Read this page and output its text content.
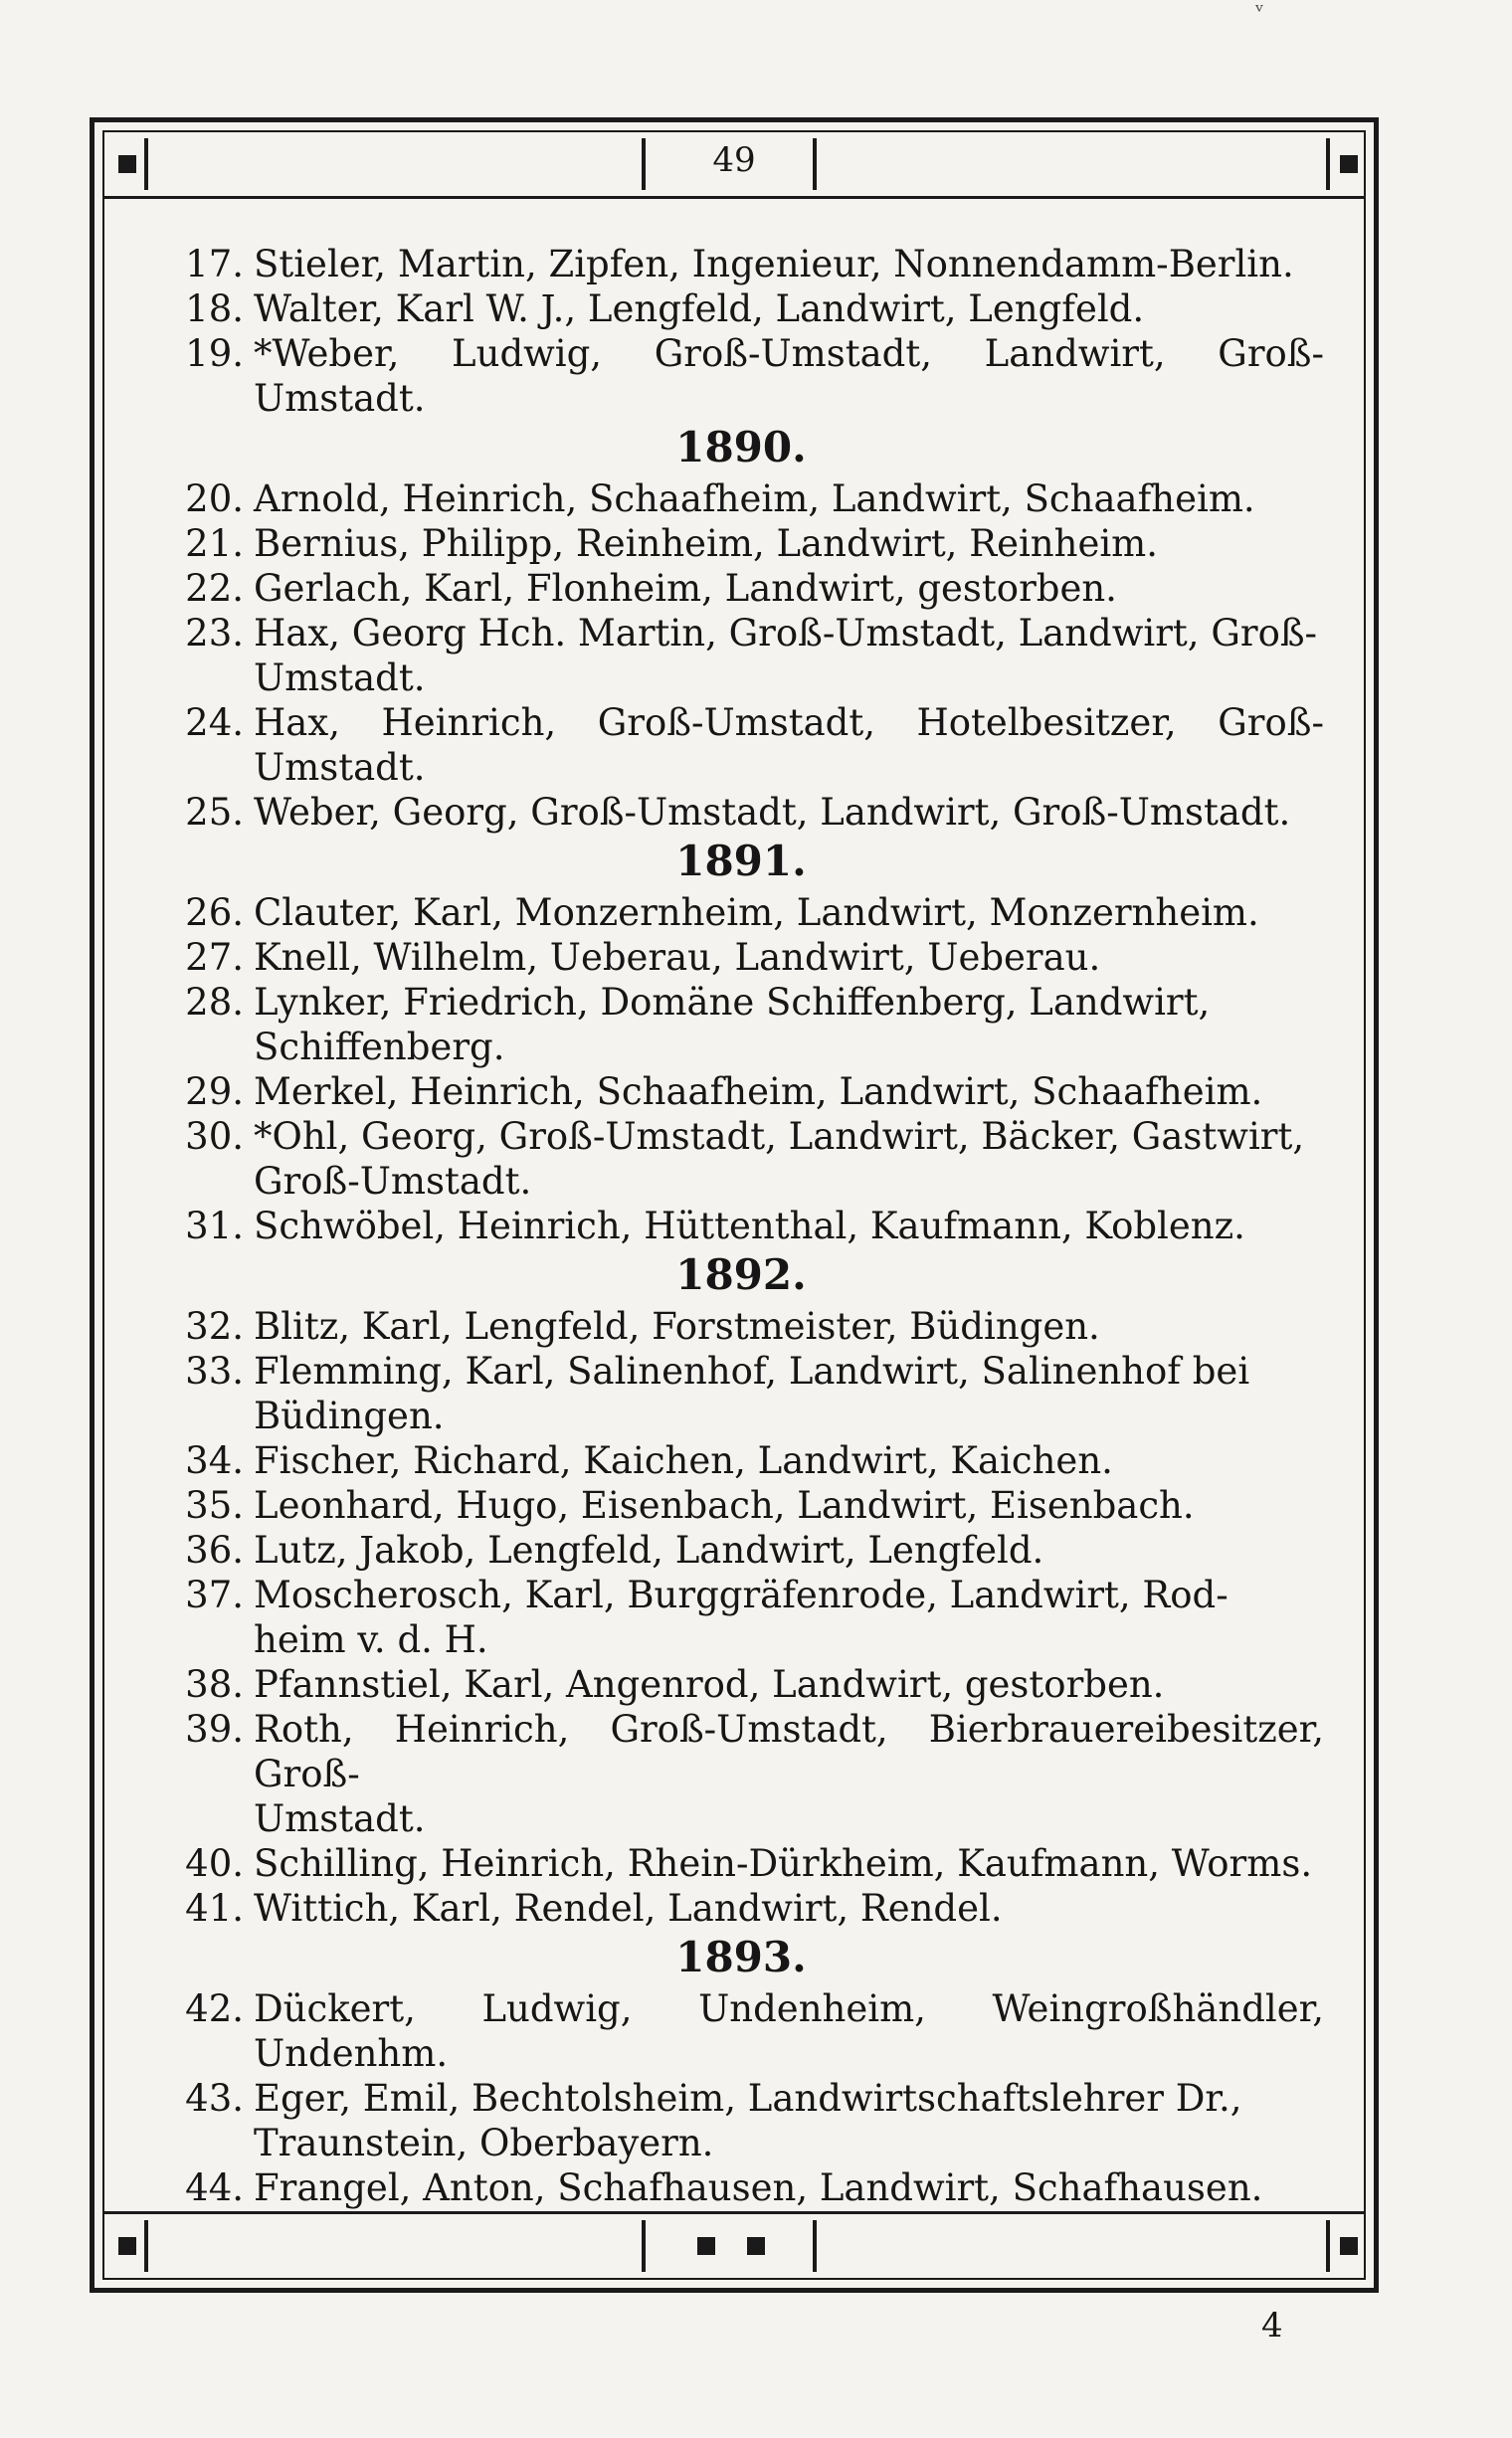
ᵛ
49
17. Stieler, Martin, Zipfen, Ingenieur, Nonnendamm-Berlin.
18. Walter, Karl W. J., Lengfeld, Landwirt, Lengfeld.
19. *Weber, Ludwig, Groß-Umstadt, Landwirt, Groß-Umstadt.
1890.
20. Arnold, Heinrich, Schaafheim, Landwirt, Schaafheim.
21. Bernius, Philipp, Reinheim, Landwirt, Reinheim.
22. Gerlach, Karl, Flonheim, Landwirt, gestorben.
23. Hax, Georg Hch. Martin, Groß-Umstadt, Landwirt, Groß-
Umstadt.
24. Hax, Heinrich, Groß-Umstadt, Hotelbesitzer, Groß-Umstadt.
25. Weber, Georg, Groß-Umstadt, Landwirt, Groß-Umstadt.
1891.
26. Clauter, Karl, Monzernheim, Landwirt, Monzernheim.
27. Knell, Wilhelm, Ueberau, Landwirt, Ueberau.
28. Lynker, Friedrich, Domäne Schiffenberg, Landwirt,
Schiffenberg.
29. Merkel, Heinrich, Schaafheim, Landwirt, Schaafheim.
30. *Ohl, Georg, Groß-Umstadt, Landwirt, Bäcker, Gastwirt,
Groß-Umstadt.
31. Schwöbel, Heinrich, Hüttenthal, Kaufmann, Koblenz.
1892.
32. Blitz, Karl, Lengfeld, Forstmeister, Büdingen.
33. Flemming, Karl, Salinenhof, Landwirt, Salinenhof bei
Büdingen.
34. Fischer, Richard, Kaichen, Landwirt, Kaichen.
35. Leonhard, Hugo, Eisenbach, Landwirt, Eisenbach.
36. Lutz, Jakob, Lengfeld, Landwirt, Lengfeld.
37. Moscherosch, Karl, Burggräfenrode, Landwirt, Rod-
heim v. d. H.
38. Pfannstiel, Karl, Angenrod, Landwirt, gestorben.
39. Roth, Heinrich, Groß-Umstadt, Bierbrauereibesitzer, Groß-
Umstadt.
40. Schilling, Heinrich, Rhein-Dürkheim, Kaufmann, Worms.
41. Wittich, Karl, Rendel, Landwirt, Rendel.
1893.
42. Dückert, Ludwig, Undenheim, Weingroßhändler, Undenhm.
43. Eger, Emil, Bechtolsheim, Landwirtschaftslehrer Dr.,
Traunstein, Oberbayern.
44. Frangel, Anton, Schafhausen, Landwirt, Schafhausen.
4
